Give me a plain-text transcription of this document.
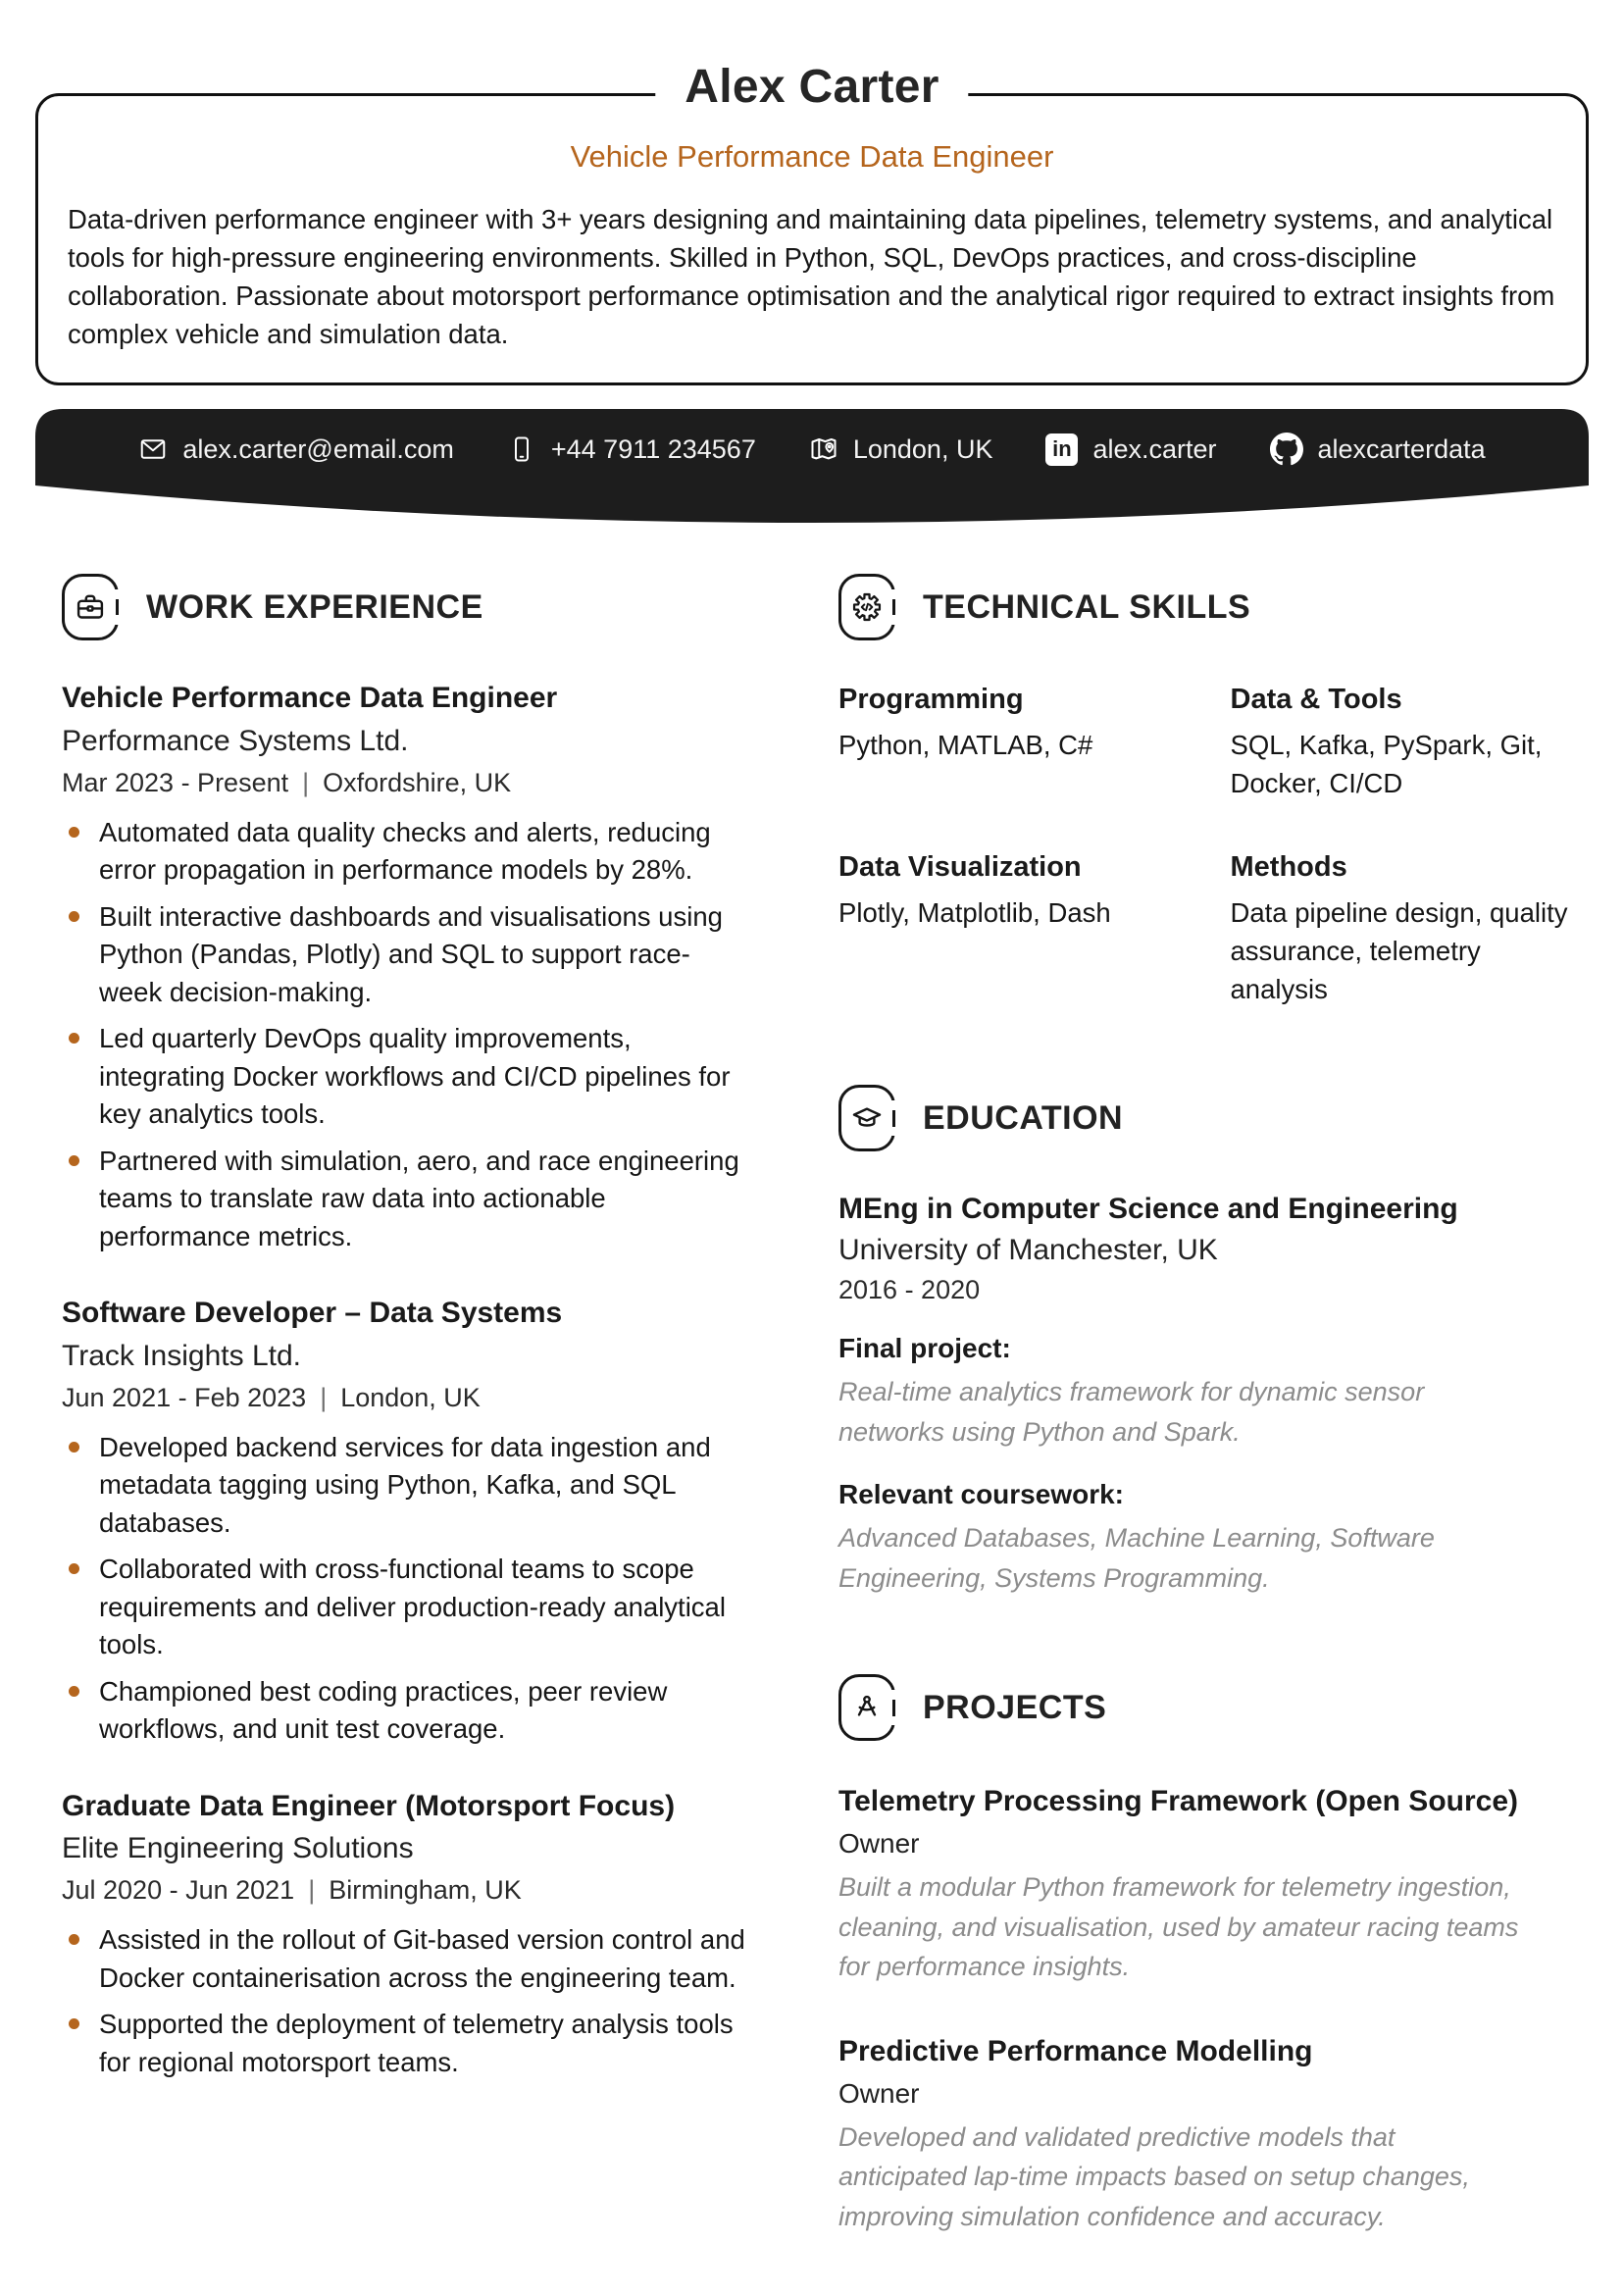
Alex Carter
Vehicle Performance Data Engineer
Data-driven performance engineer with 3+ years designing and maintaining data pipelines, telemetry systems, and analytical tools for high-pressure engineering environments. Skilled in Python, SQL, DevOps practices, and cross-discipline collaboration. Passionate about motorsport performance optimisation and the analytical rigor required to extract insights from complex vehicle and simulation data.
alex.carter@email.com	+44 7911 234567	London, UK	in alex.carter	alexcarterdata
WORK EXPERIENCE
Vehicle Performance Data Engineer
Performance Systems Ltd.
Mar 2023 - Present | Oxfordshire, UK
Automated data quality checks and alerts, reducing error propagation in performance models by 28%.
Built interactive dashboards and visualisations using Python (Pandas, Plotly) and SQL to support race-week decision-making.
Led quarterly DevOps quality improvements, integrating Docker workflows and CI/CD pipelines for key analytics tools.
Partnered with simulation, aero, and race engineering teams to translate raw data into actionable performance metrics.
Software Developer – Data Systems
Track Insights Ltd.
Jun 2021 - Feb 2023 | London, UK
Developed backend services for data ingestion and metadata tagging using Python, Kafka, and SQL databases.
Collaborated with cross-functional teams to scope requirements and deliver production-ready analytical tools.
Championed best coding practices, peer review workflows, and unit test coverage.
Graduate Data Engineer (Motorsport Focus)
Elite Engineering Solutions
Jul 2020 - Jun 2021 | Birmingham, UK
Assisted in the rollout of Git-based version control and Docker containerisation across the engineering team.
Supported the deployment of telemetry analysis tools for regional motorsport teams.
TECHNICAL SKILLS
Programming
Python, MATLAB, C#
Data & Tools
SQL, Kafka, PySpark, Git, Docker, CI/CD
Data Visualization
Plotly, Matplotlib, Dash
Methods
Data pipeline design, quality assurance, telemetry analysis
EDUCATION
MEng in Computer Science and Engineering
University of Manchester, UK
2016 - 2020
Final project:
Real-time analytics framework for dynamic sensor networks using Python and Spark.
Relevant coursework:
Advanced Databases, Machine Learning, Software Engineering, Systems Programming.
PROJECTS
Telemetry Processing Framework (Open Source)
Owner
Built a modular Python framework for telemetry ingestion, cleaning, and visualisation, used by amateur racing teams for performance insights.
Predictive Performance Modelling
Owner
Developed and validated predictive models that anticipated lap-time impacts based on setup changes, improving simulation confidence and accuracy.
